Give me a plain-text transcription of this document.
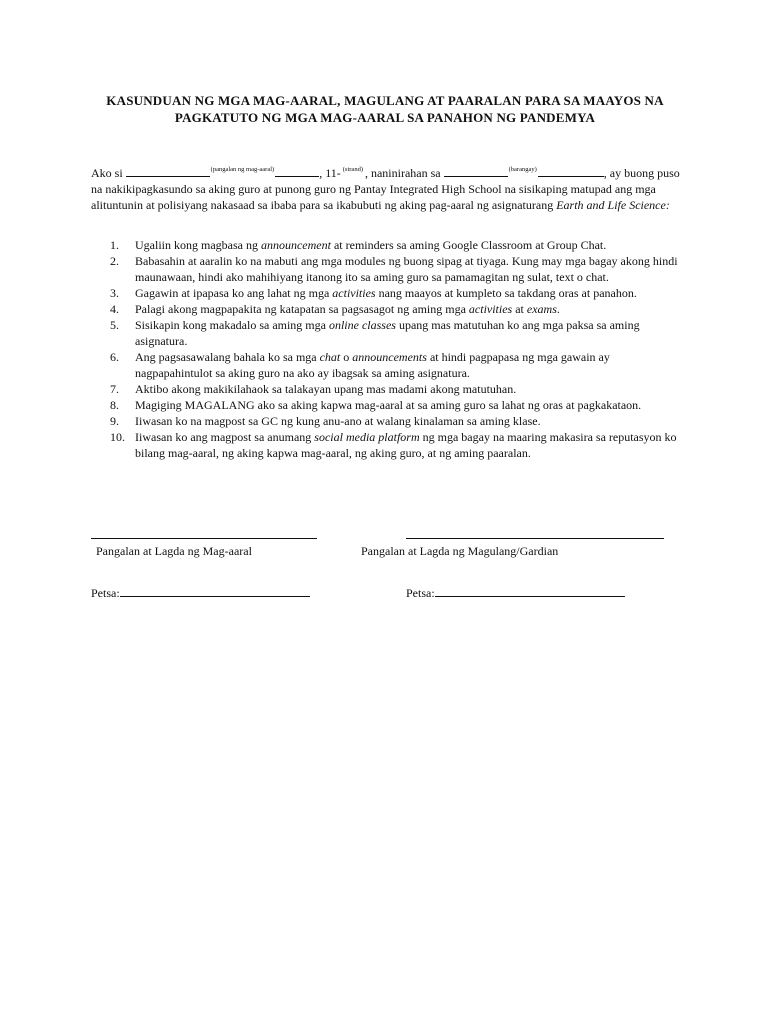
KASUNDUAN NG MGA MAG-AARAL, MAGULANG AT PAARALAN PARA SA MAAYOS NA
PAGKATUTO NG MGA MAG-AARAL SA PANAHON NG PANDEMYA

Ako si	$^{(pangalan ng mag-aaral)}$	, 11- $^{(strand)}$ , naninirahan sa	$^{(barangay)}$	, ay buong puso na nakikipagkasundo sa aking guro at punong guro ng Pantay Integrated High School na sisikaping matupad ang mga alituntunin at polisiyang nakasaad sa ibaba para sa ikabubuti ng aking pag-aaral ng asignaturang Earth and Life Science:

1 .	Ugaliin kong magbasa ng announcement at reminders sa aming Google Classroom at Group Chat.
2 .	Babasahin at aaralin ko na mabuti ang mga modules ng buong sipag at tiyaga. Kung may mga bagay akong hindi maunawaan, hindi ako mahihiyang itanong ito sa aming guro sa pamamagitan ng sulat, text o chat.
3 .	Gagawin at ipapasa ko ang lahat ng mga activities nang maayos at kumpleto sa takdang oras at panahon.
4 .	Palagi akong magpapakita ng katapatan sa pagsasagot ng aming mga activities at exams.
5 .	Sisikapin kong makadalo sa aming mga online classes upang mas matutuhan ko ang mga paksa sa aming asignatura.
6 .	Ang pagsasawalang bahala ko sa mga chat o announcements at hindi pagpapasa ng mga gawain ay nagpapahintulot sa aking guro na ako ay ibagsak sa aming asignatura.
7 .	Aktibo akong makikilahaok sa talakayan upang mas madami akong matutuhan.
8 .	Magiging MAGALANG ako sa aking kapwa mag-aaral at sa aming guro sa lahat ng oras at pagkakataon.
9 .	Iiwasan ko na magpost sa GC ng kung anu-ano at walang kinalaman sa aming klase.
10 .	Iiwasan ko ang magpost sa anumang social media platform ng mga bagay na maaring makasira sa reputasyon ko bilang mag-aaral, ng aking kapwa mag-aaral, ng aking guro, at ng aming paaralan.
Pangalan at Lagda ng Mag-aaral	Pangalan at Lagda ng Magulang/Gardian
Petsa:	Petsa:
